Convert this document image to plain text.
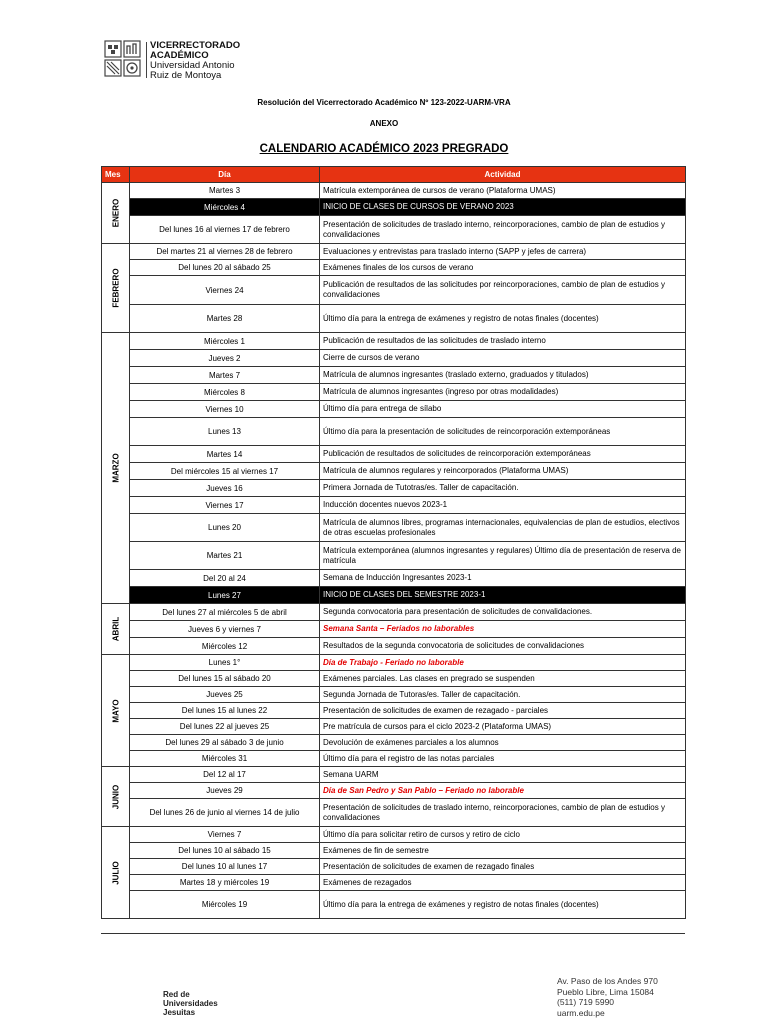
VICERRECTORADO
ACADÉMICO
Universidad Antonio
Ruiz de Montoya
Resolución del Vicerrectorado Académico Nº 123-2022-UARM-VRA
ANEXO
CALENDARIO ACADÉMICO 2023 PREGRADO
Mes	Día	Actividad

ENERO	Martes 3	Matrícula extemporánea de cursos de verano (Plataforma UMAS)
	Miércoles 4	INICIO DE CLASES DE CURSOS DE VERANO 2023
	Del lunes 16 al viernes 17 de febrero	Presentación de solicitudes de traslado interno, reincorporaciones, cambio de plan de estudios y convalidaciones

FEBRERO	Del martes 21 al viernes 28 de febrero	Evaluaciones y entrevistas para traslado interno (SAPP y jefes de carrera)
	Del lunes 20 al sábado 25	Exámenes finales de los cursos de verano
	Viernes 24	Publicación de resultados de las solicitudes por reincorporaciones, cambio de plan de estudios y convalidaciones
	Martes 28	Último día para la entrega de exámenes y registro de notas finales (docentes)

MARZO	Miércoles 1	Publicación de resultados de las solicitudes de traslado interno
	Jueves 2	Cierre de cursos de verano
	Martes 7	Matrícula de alumnos ingresantes (traslado externo, graduados y titulados)
	Miércoles 8	Matrícula de alumnos ingresantes (ingreso por otras modalidades)
	Viernes 10	Último día para entrega de sílabo
	Lunes 13	Último día para la presentación de solicitudes de reincorporación extemporáneas
	Martes 14	Publicación de resultados de solicitudes de reincorporación extemporáneas
	Del miércoles 15 al viernes 17	Matrícula de alumnos regulares y reincorporados (Plataforma UMAS)
	Jueves 16	Primera Jornada de Tutotras/es. Taller de capacitación.
	Viernes 17	Inducción docentes nuevos 2023-1
	Lunes 20	Matrícula de alumnos libres, programas internacionales, equivalencias de plan de estudios, electivos de otras escuelas profesionales
	Martes 21	Matrícula extemporánea (alumnos ingresantes y regulares) Último día de presentación de reserva de matrícula
	Del 20 al 24	Semana de Inducción Ingresantes 2023-1
	Lunes 27	INICIO DE CLASES DEL SEMESTRE 2023-1

ABRIL	Del lunes 27 al miércoles 5 de abril	Segunda convocatoria para presentación de solicitudes de convalidaciones.
	Jueves 6 y viernes 7	Semana Santa – Feriados no laborables
	Miércoles 12	Resultados de la segunda convocatoria de solicitudes de convalidaciones

MAYO	Lunes 1°	Día de Trabajo - Feriado no laborable
	Del lunes 15 al sábado 20	Exámenes parciales. Las clases en pregrado se suspenden
	Jueves 25	Segunda Jornada de Tutoras/es. Taller de capacitación.
	Del lunes 15 al lunes 22	Presentación de solicitudes de examen de rezagado - parciales
	Del lunes 22 al jueves 25	Pre matrícula de cursos para el ciclo 2023-2 (Plataforma UMAS)
	Del lunes 29 al sábado 3 de junio	Devolución de exámenes parciales a los alumnos
	Miércoles 31	Último día para el registro de las notas parciales

JUNIO	Del 12 al 17	Semana UARM
	Jueves 29	Día de San Pedro y San Pablo – Feriado no laborable
	Del lunes 26 de junio al viernes 14 de julio	Presentación de solicitudes de traslado interno, reincorporaciones, cambio de plan de estudios y convalidaciones

JULIO	Viernes 7	Último día para solicitar retiro de cursos y retiro de ciclo
	Del lunes 10 al sábado 15	Exámenes de fin de semestre
	Del lunes 10 al lunes 17	Presentación de solicitudes de examen de rezagado finales
	Martes 18 y miércoles 19	Exámenes de rezagados
	Miércoles 19	Último día para la entrega de exámenes y registro de notas finales (docentes)
Red de
Universidades
Jesuitas
Av. Paso de los Andes 970
Pueblo Libre, Lima 15084
(511) 719 5990
uarm.edu.pe
